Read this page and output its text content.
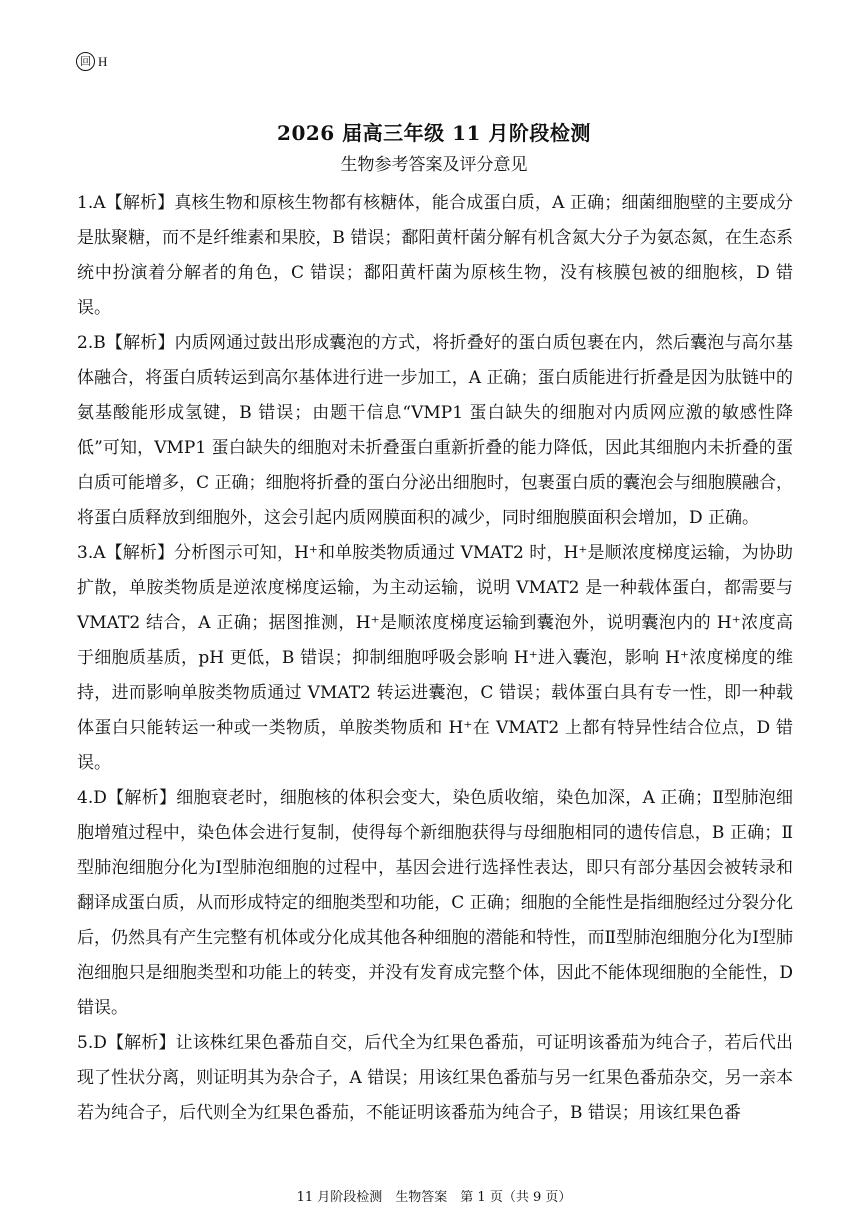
回 H
2026 届高三年级 11 月阶段检测
生物参考答案及评分意见

1.A【解析】真核生物和原核生物都有核糖体，能合成蛋白质，A 正确；细菌细胞壁的主要成分是肽聚糖，而不是纤维素和果胶，B 错误；鄱阳黄杆菌分解有机含氮大分子为氨态氮，在生态系统中扮演着分解者的角色，C 错误；鄱阳黄杆菌为原核生物，没有核膜包被的细胞核，D 错误。

2.B【解析】内质网通过鼓出形成囊泡的方式，将折叠好的蛋白质包裹在内，然后囊泡与高尔基体融合，将蛋白质转运到高尔基体进行进一步加工，A 正确；蛋白质能进行折叠是因为肽链中的氨基酸能形成氢键，B 错误；由题干信息“VMP1 蛋白缺失的细胞对内质网应激的敏感性降低”可知，VMP1 蛋白缺失的细胞对未折叠蛋白重新折叠的能力降低，因此其细胞内未折叠的蛋白质可能增多，C 正确；细胞将折叠的蛋白分泌出细胞时，包裹蛋白质的囊泡会与细胞膜融合，将蛋白质释放到细胞外，这会引起内质网膜面积的减少，同时细胞膜面积会增加，D 正确。

3.A【解析】分析图示可知，H⁺和单胺类物质通过 VMAT2 时，H⁺是顺浓度梯度运输，为协助扩散，单胺类物质是逆浓度梯度运输，为主动运输，说明 VMAT2 是一种载体蛋白，都需要与 VMAT2 结合，A 正确；据图推测，H⁺是顺浓度梯度运输到囊泡外，说明囊泡内的 H⁺浓度高于细胞质基质，pH 更低，B 错误；抑制细胞呼吸会影响 H⁺进入囊泡，影响 H⁺浓度梯度的维持，进而影响单胺类物质通过 VMAT2 转运进囊泡，C 错误；载体蛋白具有专一性，即一种载体蛋白只能转运一种或一类物质，单胺类物质和 H⁺在 VMAT2 上都有特异性结合位点，D 错误。

4.D【解析】细胞衰老时，细胞核的体积会变大，染色质收缩，染色加深，A 正确；Ⅱ型肺泡细胞增殖过程中，染色体会进行复制，使得每个新细胞获得与母细胞相同的遗传信息，B 正确；Ⅱ型肺泡细胞分化为Ⅰ型肺泡细胞的过程中，基因会进行选择性表达，即只有部分基因会被转录和翻译成蛋白质，从而形成特定的细胞类型和功能，C 正确；细胞的全能性是指细胞经过分裂分化后，仍然具有产生完整有机体或分化成其他各种细胞的潜能和特性，而Ⅱ型肺泡细胞分化为Ⅰ型肺泡细胞只是细胞类型和功能上的转变，并没有发育成完整个体，因此不能体现细胞的全能性，D 错误。

5.D【解析】让该株红果色番茄自交，后代全为红果色番茄，可证明该番茄为纯合子，若后代出现了性状分离，则证明其为杂合子，A 错误；用该红果色番茄与另一红果色番茄杂交，另一亲本若为纯合子，后代则全为红果色番茄，不能证明该番茄为纯合子，B 错误；用该红果色番

11 月阶段检测　生物答案　第 1 页（共 9 页）
